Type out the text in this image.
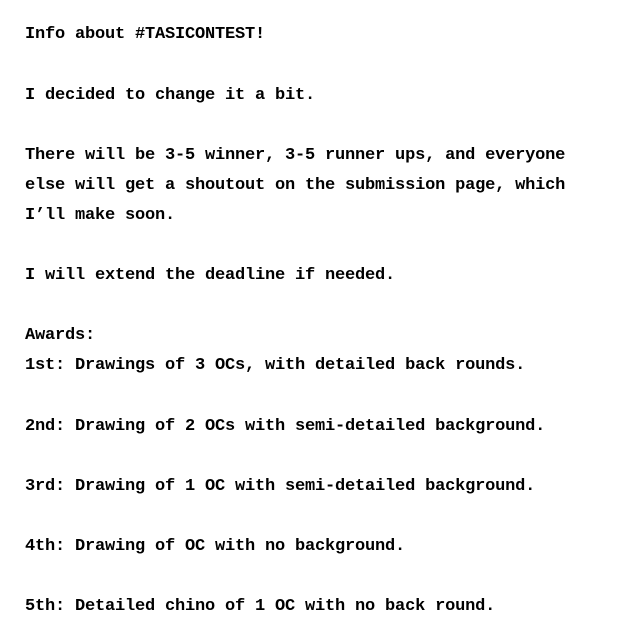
Info about #TASICONTEST!

I decided to change it a bit.

There will be 3-5 winner, 3-5 runner ups, and everyone

else will get a shoutout on the submission page, which

I’ll make soon.

I will extend the deadline if needed.

Awards:

1st: Drawings of 3 OCs, with detailed back rounds.

2nd: Drawing of 2 OCs with semi-detailed background.

3rd: Drawing of 1 OC with semi-detailed background.

4th: Drawing of OC with no background.

5th: Detailed chino of 1 OC with no back round.
